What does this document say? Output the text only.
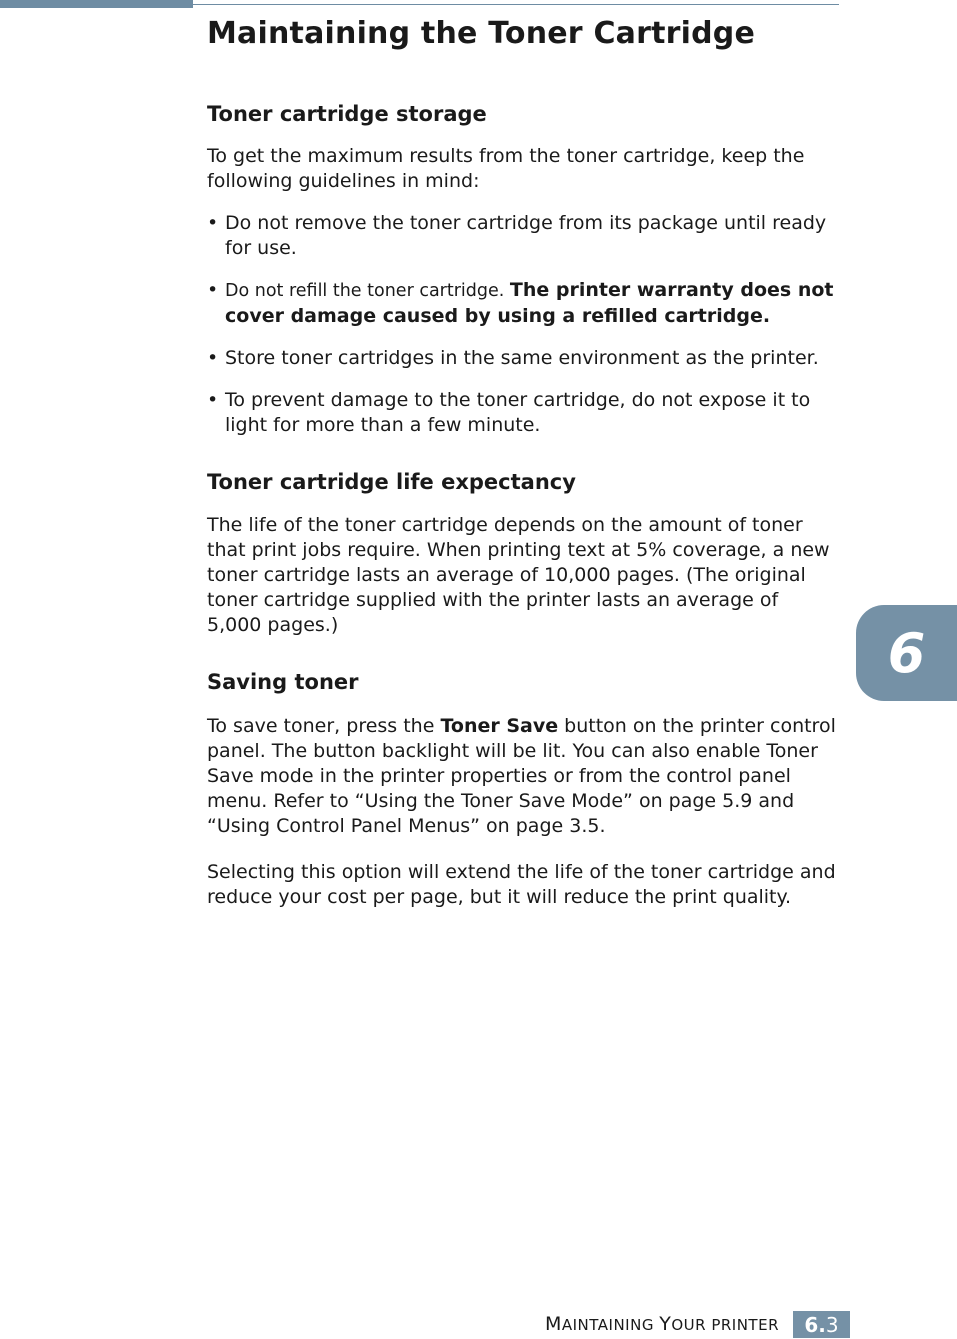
Maintaining the Toner Cartridge
Toner cartridge storage

To get the maximum results from the toner cartridge, keep the following guidelines in mind:

• Do not remove the toner cartridge from its package until ready for use.
• Do not refill the toner cartridge. The printer warranty does not cover damage caused by using a refilled cartridge.
• Store toner cartridges in the same environment as the printer.
• To prevent damage to the toner cartridge, do not expose it to light for more than a few minute.
Toner cartridge life expectancy

The life of the toner cartridge depends on the amount of toner that print jobs require. When printing text at 5% coverage, a new toner cartridge lasts an average of 10,000 pages. (The original toner cartridge supplied with the printer lasts an average of 5,000 pages.)

Saving toner

To save toner, press the Toner Save button on the printer control panel. The button backlight will be lit. You can also enable Toner Save mode in the printer properties or from the control panel menu. Refer to “Using the Toner Save Mode” on page 5.9 and “Using Control Panel Menus” on page 3.5.

Selecting this option will extend the life of the toner cartridge and reduce your cost per page, but it will reduce the print quality.

6
MAINTAINING YOUR PRINTER 6. 3
